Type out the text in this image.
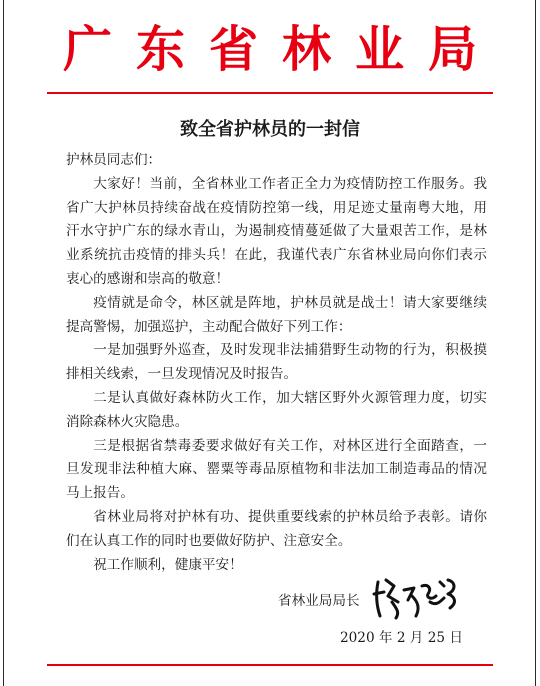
广东省林业局
致全省护林员的一封信

护林员同志们：

大家好！当前，全省林业工作者正全力为疫情防控工作服务。我省广大护林员持续奋战在疫情防控第一线，用足迹丈量南粤大地，用汗水守护广东的绿水青山，为遏制疫情蔓延做了大量艰苦工作，是林业系统抗击疫情的排头兵！在此，我谨代表广东省林业局向你们表示衷心的感谢和崇高的敬意！

疫情就是命令，林区就是阵地，护林员就是战士！请大家要继续提高警惕，加强巡护，主动配合做好下列工作：

一是加强野外巡查，及时发现非法捕猎野生动物的行为，积极摸排相关线索，一旦发现情况及时报告。

二是认真做好森林防火工作，加大辖区野外火源管理力度，切实消除森林火灾隐患。

三是根据省禁毒委要求做好有关工作，对林区进行全面踏查，一旦发现非法种植大麻、罂粟等毒品原植物和非法加工制造毒品的情况马上报告。

省林业局将对护林有功、提供重要线索的护林员给予表彰。请你们在认真工作的同时也要做好防护、注意安全。

祝工作顺利，健康平安！

省林业局局长
2020 年 2 月 25 日
